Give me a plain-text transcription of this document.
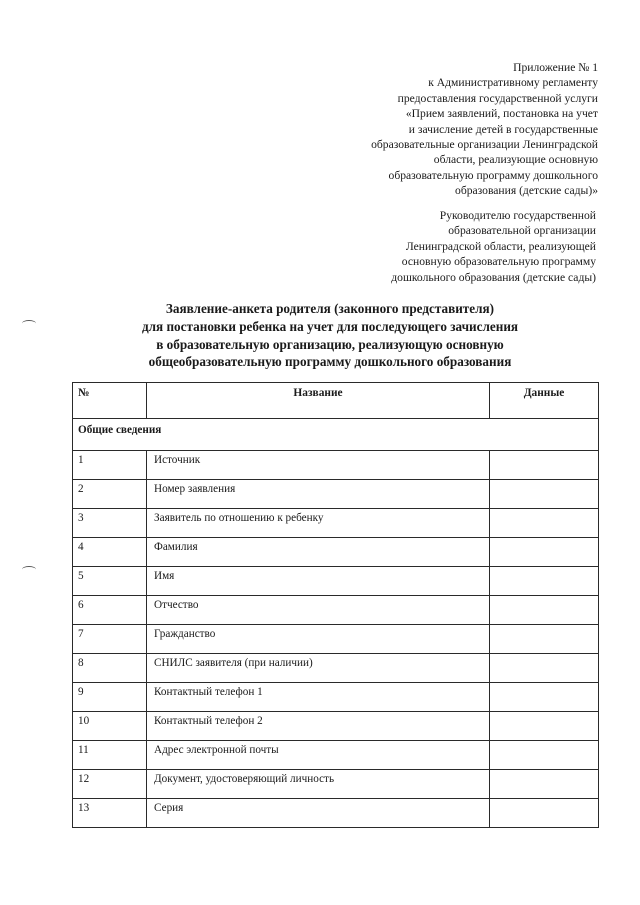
Приложение № 1
к Административному регламенту
предоставления государственной услуги
«Прием заявлений, постановка на учет
и зачисление детей в государственные
образовательные организации Ленинградской
области, реализующие основную
образовательную программу дошкольного
образования (детские сады)»
Руководителю государственной
образовательной организации
Ленинградской области, реализующей
основную образовательную программу
дошкольного образования (детские сады)
Заявление-анкета родителя (законного представителя)
для постановки ребенка на учет для последующего зачисления
в образовательную организацию, реализующую основную
общеобразовательную программу дошкольного образования
№	Название	Данные
Общие сведения		
1	Источник	
2	Номер заявления	
3	Заявитель по отношению к ребенку	
4	Фамилия	
5	Имя	
6	Отчество	
7	Гражданство	
8	СНИЛС заявителя (при наличии)	
9	Контактный телефон 1	
10	Контактный телефон 2	
11	Адрес электронной почты	
12	Документ, удостоверяющий личность	
13	Серия	
